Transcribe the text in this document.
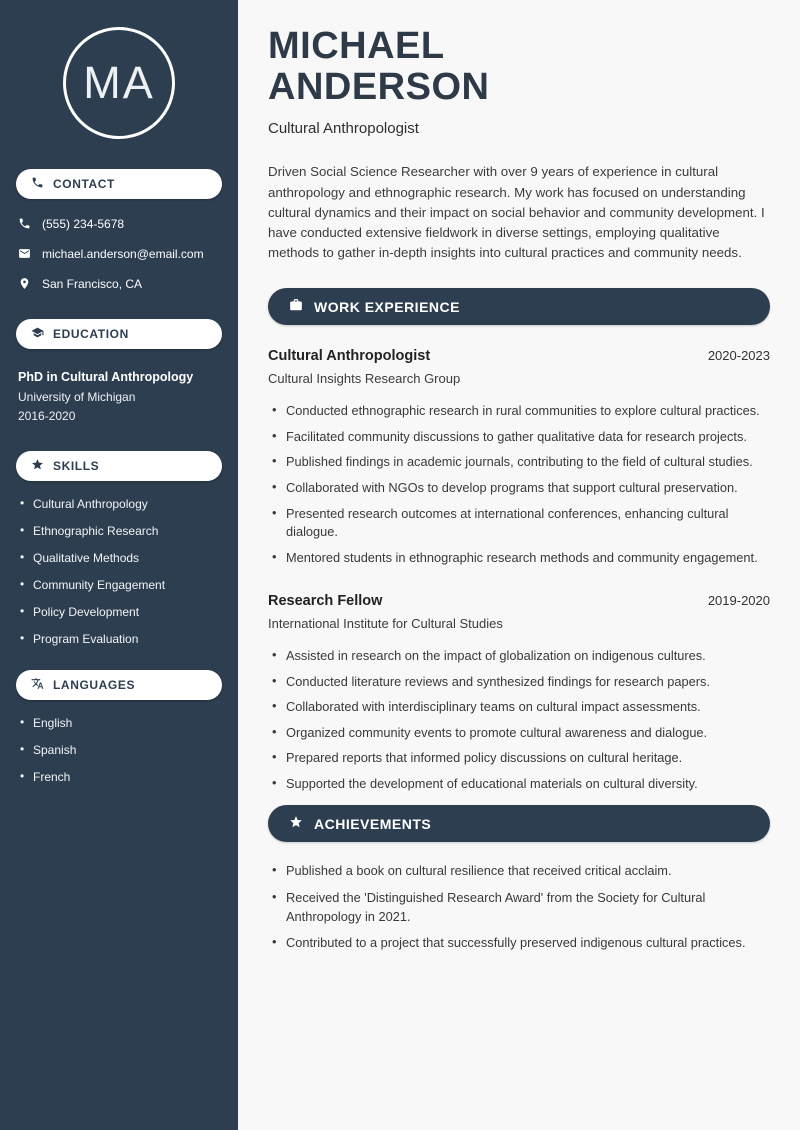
MA
CONTACT
(555) 234-5678
michael.anderson@email.com
San Francisco, CA
EDUCATION
PhD in Cultural Anthropology
University of Michigan
2016-2020
SKILLS
• Cultural Anthropology
• Ethnographic Research
• Qualitative Methods
• Community Engagement
• Policy Development
• Program Evaluation
LANGUAGES
• English
• Spanish
• French
MICHAEL
ANDERSON
Cultural Anthropologist

Driven Social Science Researcher with over 9 years of experience in cultural anthropology and ethnographic research. My work has focused on understanding cultural dynamics and their impact on social behavior and community development. I have conducted extensive fieldwork in diverse settings, employing qualitative methods to gather in-depth insights into cultural practices and community needs.

WORK EXPERIENCE
Cultural Anthropologist	2020-2023
Cultural Insights Research Group
• Conducted ethnographic research in rural communities to explore cultural practices.
• Facilitated community discussions to gather qualitative data for research projects.
• Published findings in academic journals, contributing to the field of cultural studies.
• Collaborated with NGOs to develop programs that support cultural preservation.
• Presented research outcomes at international conferences, enhancing cultural dialogue.
• Mentored students in ethnographic research methods and community engagement.
Research Fellow	2019-2020
International Institute for Cultural Studies
• Assisted in research on the impact of globalization on indigenous cultures.
• Conducted literature reviews and synthesized findings for research papers.
• Collaborated with interdisciplinary teams on cultural impact assessments.
• Organized community events to promote cultural awareness and dialogue.
• Prepared reports that informed policy discussions on cultural heritage.
• Supported the development of educational materials on cultural diversity.
ACHIEVEMENTS
• Published a book on cultural resilience that received critical acclaim.
• Received the 'Distinguished Research Award' from the Society for Cultural Anthropology in 2021.
• Contributed to a project that successfully preserved indigenous cultural practices.
